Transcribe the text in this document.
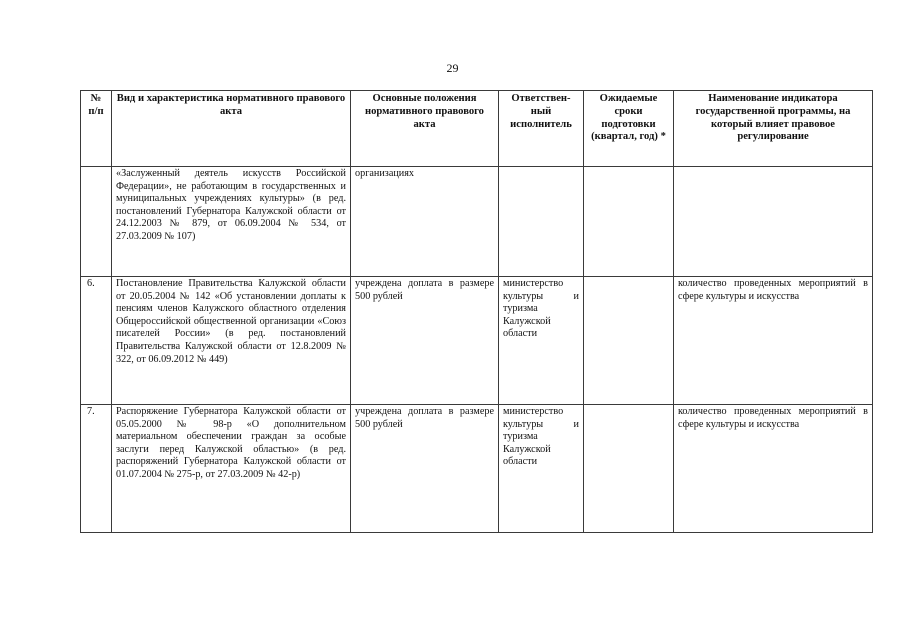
29
№ п/п	Вид и характеристика нормативного правового акта	Основные положения нормативного правового акта	Ответствен-ный исполнитель	Ожидаемые сроки подготовки (квартал, год) *	Наименование индикатора государственной программы, на который влияет правовое регулирование
	«Заслуженный деятель искусств Российской Федерации», не работающим в государственных и муниципальных учреждениях культуры» (в ред. постановлений Губернатора Калужской области от 24.12.2003 № 879, от 06.09.2004 № 534, от 27.03.2009 № 107)	организациях			
6.	Постановление Правительства Калужской области от 20.05.2004 № 142 «Об установлении доплаты к пенсиям членов Калужского областного отделения Общероссийской общественной организации «Союз писателей России» (в ред. постановлений Правительства Калужской области от 12.8.2009 № 322, от 06.09.2012 № 449)	учреждена доплата в размере 500 рублей	министерство культуры и туризма Калужской области		количество проведенных мероприятий в сфере культуры и искусства
7.	Распоряжение Губернатора Калужской области от 05.05.2000 № 98-р «О дополнительном материальном обеспечении граждан за особые заслуги перед Калужской областью» (в ред. распоряжений Губернатора Калужской области от 01.07.2004 № 275-р, от 27.03.2009 № 42-р)	учреждена доплата в размере 500 рублей	министерство культуры и туризма Калужской области		количество проведенных мероприятий в сфере культуры и искусства
